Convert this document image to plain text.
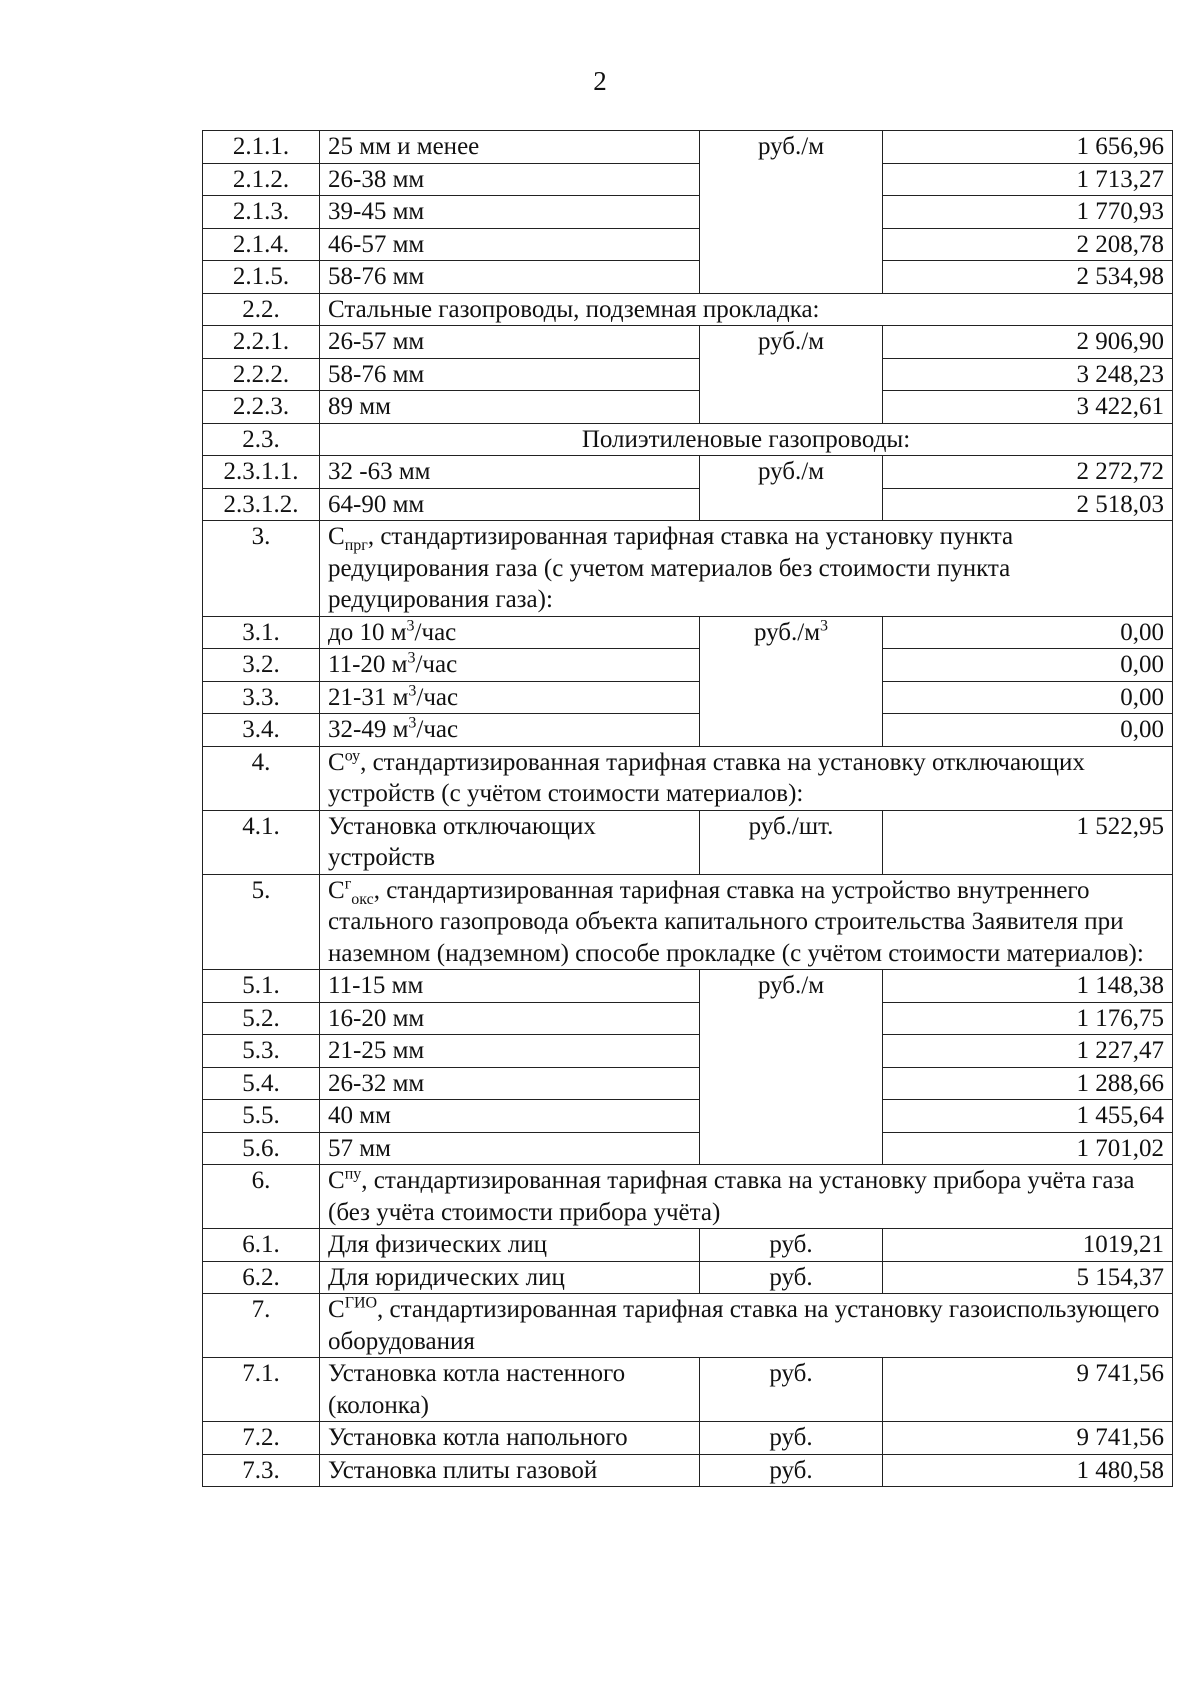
2
2.1.1.	25 мм и менее	руб./м	1 656,96
2.1.2.	26-38 мм		1 713,27
2.1.3.	39-45 мм		1 770,93
2.1.4.	46-57 мм		2 208,78
2.1.5.	58-76 мм		2 534,98
2.2.	Стальные газопроводы, подземная прокладка:		
2.2.1.	26-57 мм	руб./м	2 906,90
2.2.2.	58-76 мм		3 248,23
2.2.3.	89 мм		3 422,61
2.3.	Полиэтиленовые газопроводы:		
2.3.1.1.	32 -63 мм	руб./м	2 272,72
2.3.1.2.	64-90 мм		2 518,03
3.	$С_{прг}$, стандартизированная тарифная ставка на установку пункта редуцирования газа (с учетом материалов без стоимости пункта редуцирования газа):		
3.1.	до 10 $м^3$/час	$руб./м^3$	0,00
3.2.	11-20 $м^3$/час		0,00
3.3.	21-31 $м^3$/час		0,00
3.4.	32-49 $м^3$/час		0,00
4.	$С^{оу}$, стандартизированная тарифная ставка на установку отключающих устройств (с учётом стоимости материалов):		
4.1.	Установка отключающих устройств	руб./шт.	1 522,95
5.	$С^г_{окс}$, стандартизированная тарифная ставка на устройство внутреннего стального газопровода объекта капитального строительства Заявителя при наземном (надземном) способе прокладке (с учётом стоимости материалов):		
5.1.	11-15 мм	руб./м	1 148,38
5.2.	16-20 мм		1 176,75
5.3.	21-25 мм		1 227,47
5.4.	26-32 мм		1 288,66
5.5.	40 мм		1 455,64
5.6.	57 мм		1 701,02
6.	$С^{пу}$, стандартизированная тарифная ставка на установку прибора учёта газа (без учёта стоимости прибора учёта)		
6.1.	Для физических лиц	руб.	1019,21
6.2.	Для юридических лиц	руб.	5 154,37
7.	$С^{ГИО}$, стандартизированная тарифная ставка на установку газоиспользующего оборудования		
7.1.	Установка котла настенного (колонка)	руб.	9 741,56
7.2.	Установка котла напольного	руб.	9 741,56
7.3.	Установка плиты газовой	руб.	1 480,58
